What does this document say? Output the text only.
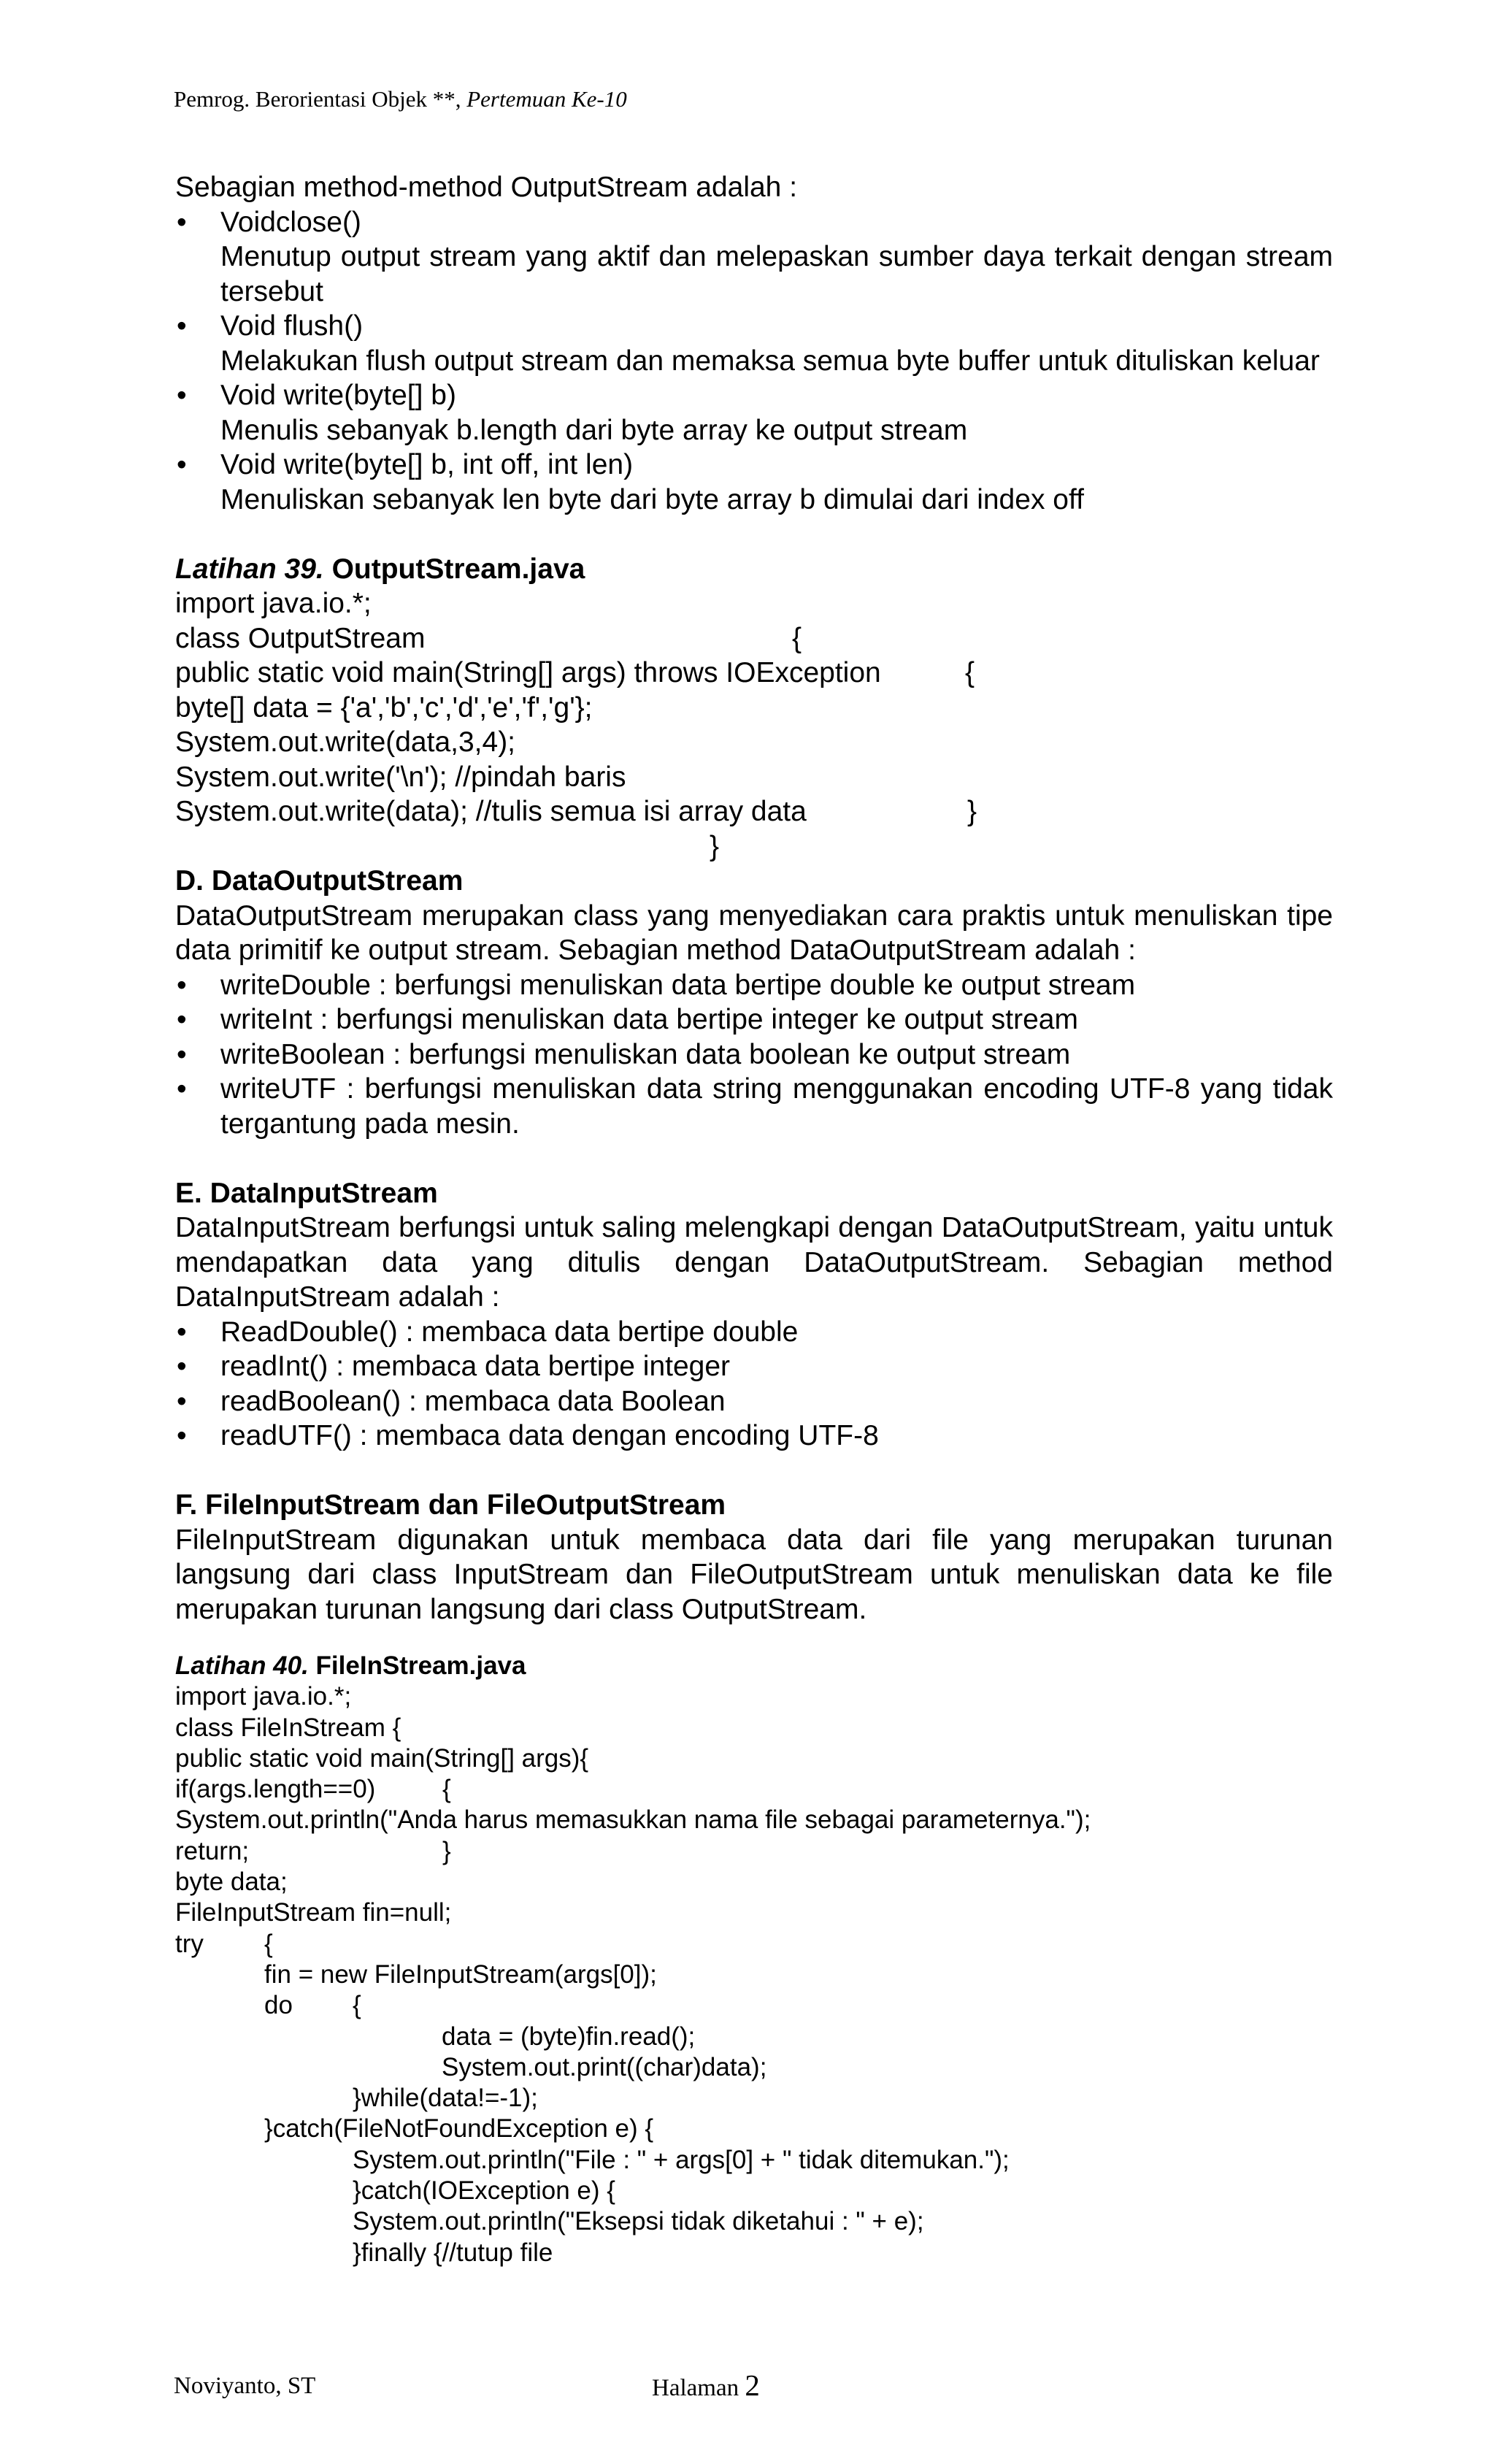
Pemrog. Berorientasi Objek **, Pertemuan Ke-10

Sebagian method-method OutputStream adalah :

• Voidclose()
Menutup output stream yang aktif dan melepaskan sumber daya terkait dengan stream tersebut
• Void flush()
Melakukan flush output stream dan memaksa semua byte buffer untuk dituliskan keluar
• Void write(byte[] b)
Menulis sebanyak b.length dari byte array ke output stream
• Void write(byte[] b, int off, int len)
Menuliskan sebanyak len byte dari byte array b dimulai dari index off

Latihan 39. OutputStream.java

import java.io.*;
class OutputStream	{
public static void main(String[] args) throws IOException	{
byte[] data = {'a','b','c','d','e','f','g'};
System.out.write(data,3,4);
System.out.write('\n'); //pindah baris
System.out.write(data); //tulis semua isi array data	}
}

D. DataOutputStream

DataOutputStream merupakan class yang menyediakan cara praktis untuk menuliskan tipe data primitif ke output stream. Sebagian method DataOutputStream adalah :

• writeDouble : berfungsi menuliskan data bertipe double ke output stream
• writeInt : berfungsi menuliskan data bertipe integer ke output stream
• writeBoolean : berfungsi menuliskan data boolean ke output stream
• writeUTF : berfungsi menuliskan data string menggunakan encoding UTF-8 yang tidak tergantung pada mesin.

E. DataInputStream

DataInputStream berfungsi untuk saling melengkapi dengan DataOutputStream, yaitu untuk mendapatkan data yang ditulis dengan DataOutputStream. Sebagian method DataInputStream adalah :

• ReadDouble() : membaca data bertipe double
• readInt() : membaca data bertipe integer
• readBoolean() : membaca data Boolean
• readUTF() : membaca data dengan encoding UTF-8

F. FileInputStream dan FileOutputStream

FileInputStream digunakan untuk membaca data dari file yang merupakan turunan langsung dari class InputStream dan FileOutputStream untuk menuliskan data ke file merupakan turunan langsung dari class OutputStream.

Latihan 40. FileInStream.java

import java.io.*;
class FileInStream {
public static void main(String[] args){
if(args.length==0)	{
System.out.println("Anda harus memasukkan nama file sebagai parameternya.");
return;	}
byte data;
FileInputStream fin=null;
try {
fin = new FileInputStream(args[0]);
do {
data = (byte)fin.read();
System.out.print((char)data);
}while(data!=-1);
}catch(FileNotFoundException e) {
System.out.println("File : " + args[0] + " tidak ditemukan.");
}catch(IOException e) {
System.out.println("Eksepsi tidak diketahui : " + e);
}finally {//tutup file
Noviyanto, ST	Halaman 2
